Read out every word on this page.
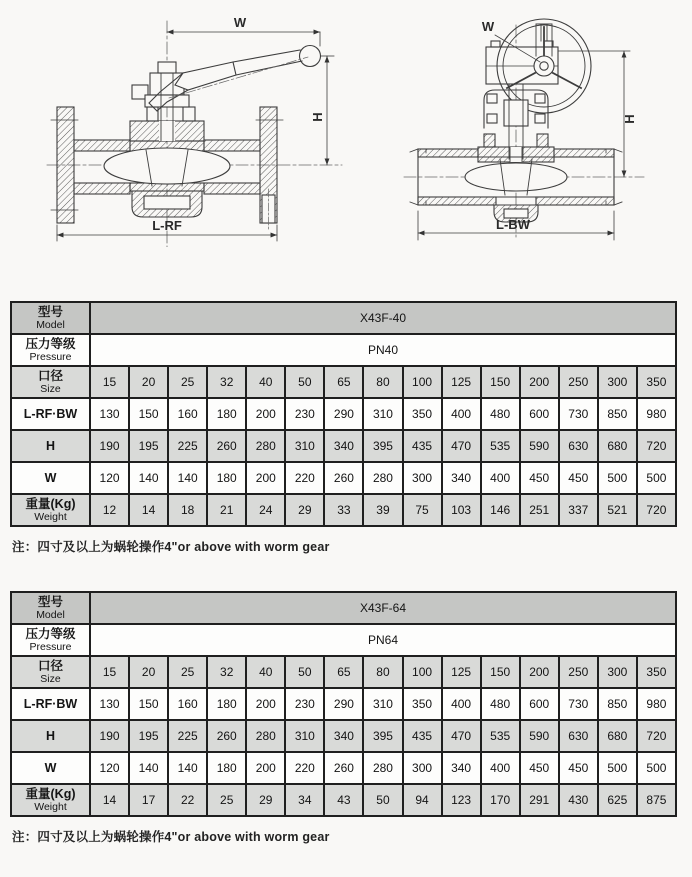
W
H
L-RF
W
H
L-BW
型号
Model	X43F-40														

压力等级
Pressure	PN40														

口径
Size	15	20	25	32	40	50	65	80	100	125	150	200	250	300	350

L-RF·BW	130	150	160	180	200	230	290	310	350	400	480	600	730	850	980

H	190	195	225	260	280	310	340	395	435	470	535	590	630	680	720

W	120	140	140	180	200	220	260	280	300	340	400	450	450	500	500

重量(Kg)
Weight	12	14	18	21	24	29	33	39	75	103	146	251	337	521	720

注：四寸及以上为蜗轮操作4"or above with worm gear

型号
Model	X43F-64														

压力等级
Pressure	PN64														

口径
Size	15	20	25	32	40	50	65	80	100	125	150	200	250	300	350

L-RF·BW	130	150	160	180	200	230	290	310	350	400	480	600	730	850	980

H	190	195	225	260	280	310	340	395	435	470	535	590	630	680	720

W	120	140	140	180	200	220	260	280	300	340	400	450	450	500	500

重量(Kg)
Weight	14	17	22	25	29	34	43	50	94	123	170	291	430	625	875

注：四寸及以上为蜗轮操作4"or above with worm gear
